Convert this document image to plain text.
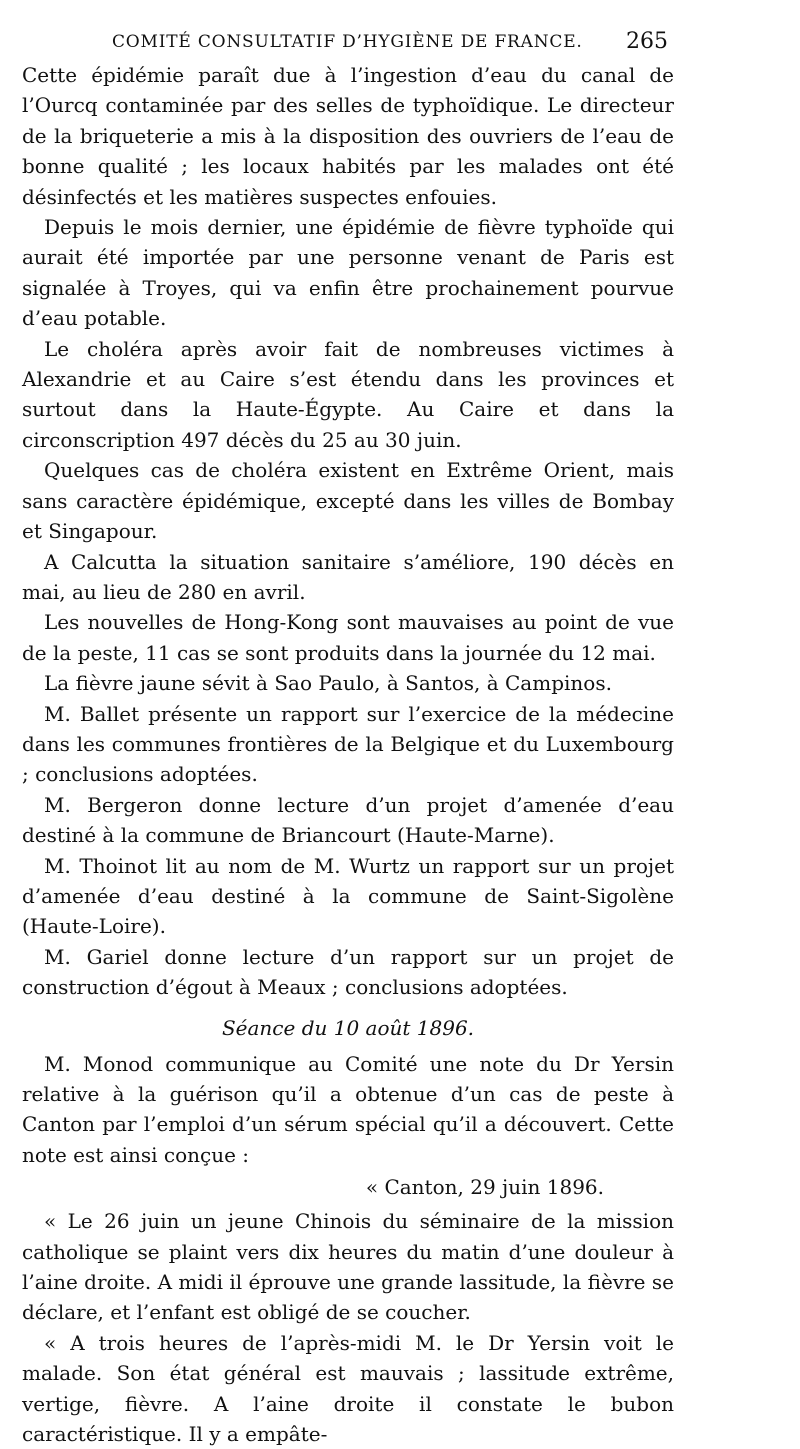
COMITÉ CONSULTATIF D’HYGIÈNE DE FRANCE. 265

Cette épidémie paraît due à l’ingestion d’eau du canal de l’Ourcq contaminée par des selles de typhoïdique. Le directeur de la briqueterie a mis à la disposition des ouvriers de l’eau de bonne qualité ; les locaux habités par les malades ont été désinfectés et les matières suspectes enfouies.

Depuis le mois dernier, une épidémie de fièvre typhoïde qui aurait été importée par une personne venant de Paris est signalée à Troyes, qui va enfin être prochainement pourvue d’eau potable.

Le choléra après avoir fait de nombreuses victimes à Alexandrie et au Caire s’est étendu dans les provinces et surtout dans la Haute-Égypte. Au Caire et dans la circonscription 497 décès du 25 au 30 juin.

Quelques cas de choléra existent en Extrême Orient, mais sans caractère épidémique, excepté dans les villes de Bombay et Singapour.

A Calcutta la situation sanitaire s’améliore, 190 décès en mai, au lieu de 280 en avril.

Les nouvelles de Hong-Kong sont mauvaises au point de vue de la peste, 11 cas se sont produits dans la journée du 12 mai.

La fièvre jaune sévit à Sao Paulo, à Santos, à Campinos.

M. Ballet présente un rapport sur l’exercice de la médecine dans les communes frontières de la Belgique et du Luxembourg ; conclusions adoptées.

M. Bergeron donne lecture d’un projet d’amenée d’eau destiné à la commune de Briancourt (Haute-Marne).

M. Thoinot lit au nom de M. Wurtz un rapport sur un projet d’amenée d’eau destiné à la commune de Saint-Sigolène (Haute-Loire).

M. Gariel donne lecture d’un rapport sur un projet de construction d’égout à Meaux ; conclusions adoptées.

Séance du 10 août 1896.

M. Monod communique au Comité une note du Dr Yersin relative à la guérison qu’il a obtenue d’un cas de peste à Canton par l’emploi d’un sérum spécial qu’il a découvert. Cette note est ainsi conçue :

« Canton, 29 juin 1896.

« Le 26 juin un jeune Chinois du séminaire de la mission catholique se plaint vers dix heures du matin d’une douleur à l’aine droite. A midi il éprouve une grande lassitude, la fièvre se déclare, et l’enfant est obligé de se coucher.

« A trois heures de l’après-midi M. le Dr Yersin voit le malade. Son état général est mauvais ; lassitude extrême, vertige, fièvre. A l’aine droite il constate le bubon caractéristique. Il y a empâte-
